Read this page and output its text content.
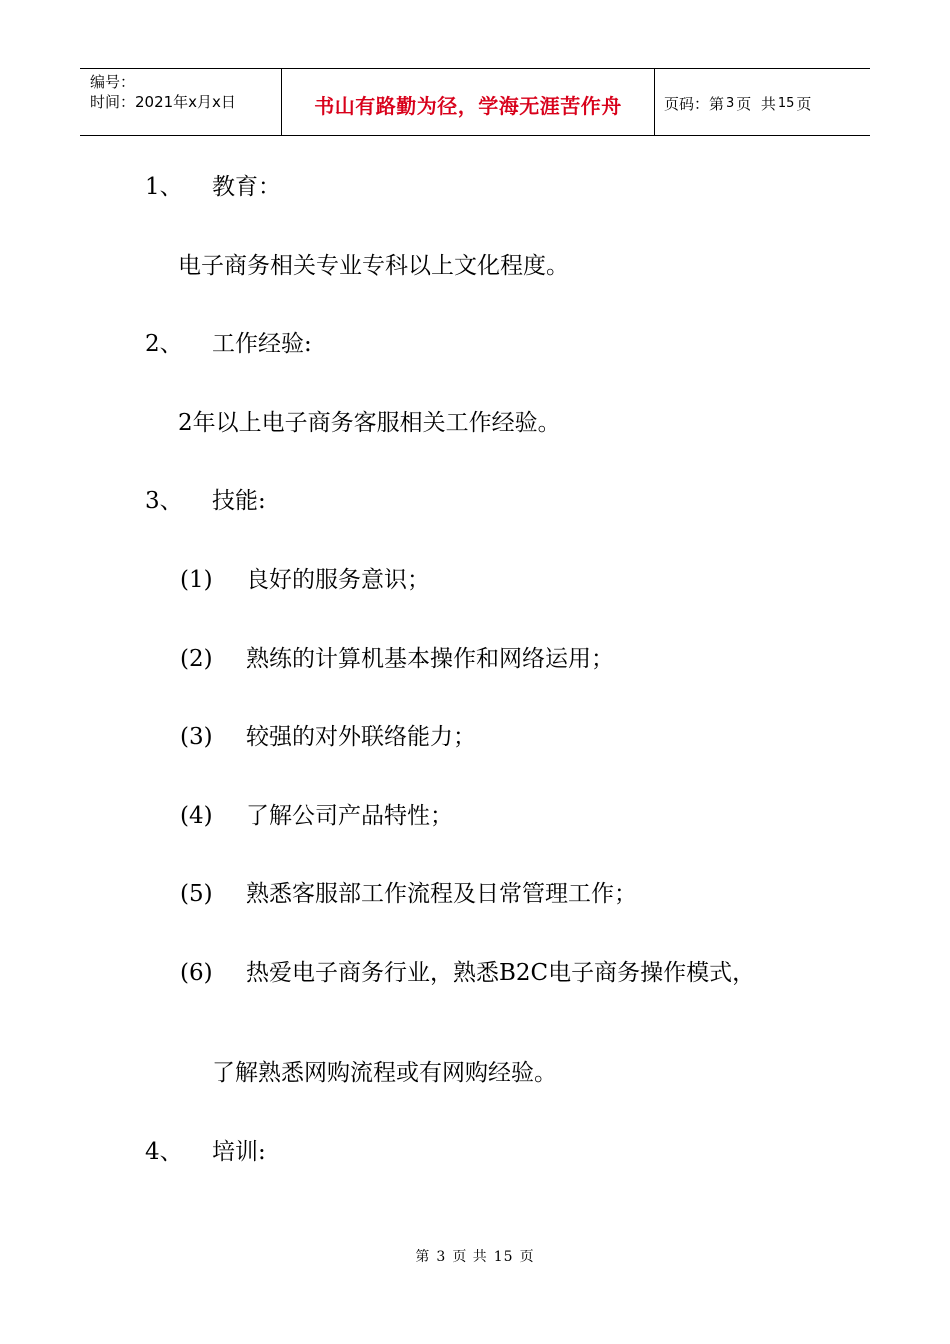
编号：
时间：2021年x月x日	书山有路勤为径，学海无涯苦作舟	页码：第 3 页  共 15 页
1、 教育：
电子商务相关专业专科以上文化程度。
2、 工作经验:
2年以上电子商务客服相关工作经验。
3、 技能:
(1) 良好的服务意识；
(2) 熟练的计算机基本操作和网络运用；
(3) 较强的对外联络能力；
(4) 了解公司产品特性；
(5) 熟悉客服部工作流程及日常管理工作；
(6) 热爱电子商务行业，熟悉B2C电子商务操作模式，
了解熟悉网购流程或有网购经验。
4、 培训:
第 3 页 共 15 页
